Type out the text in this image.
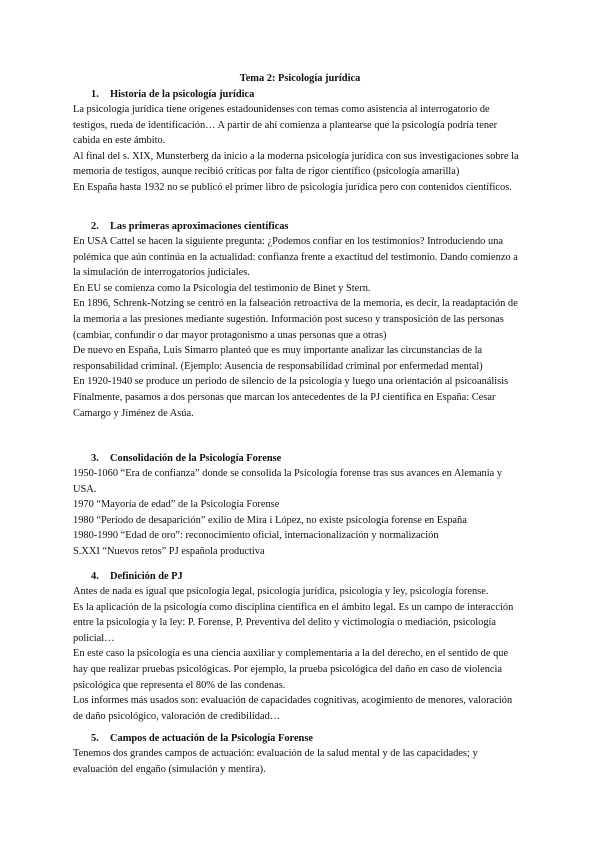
Tema 2: Psicología jurídica
1. Historia de la psicología jurídica

La psicología jurídica tiene orígenes estadounidenses con temas como asistencia al interrogatorio de testigos, rueda de identificación… A partir de ahí comienza a plantearse que la psicología podría tener cabida en este ámbito.

Al final del s. XIX, Munsterberg da inicio a la moderna psicología jurídica con sus investigaciones sobre la memoria de testigos, aunque recibió críticas por falta de rigor científico (psicología amarilla)

En España hasta 1932 no se publicó el primer libro de psicología jurídica pero con contenidos científicos.

2. Las primeras aproximaciones científicas

En USA Cattel se hacen la siguiente pregunta: ¿Podemos confiar en los testimonios? Introduciendo una polémica que aún continúa en la actualidad: confianza frente a exactitud del testimonio. Dando comienzo a la simulación de interrogatorios judiciales.

En EU se comienza como la Psicología del testimonio de Binet y Stern.

En 1896, Schrenk-Notzing se centró en la falseación retroactiva de la memoria, es decir, la readaptación de la memoria a las presiones mediante sugestión. Información post suceso y transposición de las personas (cambiar, confundir o dar mayor protagonismo a unas personas que a otras)

De nuevo en España, Luis Simarro planteó que es muy importante analizar las circunstancias de la responsabilidad criminal. (Ejemplo: Ausencia de responsabilidad criminal por enfermedad mental)

En 1920-1940 se produce un periodo de silencio de la psicología y luego una orientación al psicoanálisis

Finalmente, pasamos a dos personas que marcan los antecedentes de la PJ científica en España: Cesar Camargo y Jiménez de Asúa.

3. Consolidación de la Psicología Forense

1950-1060 “Era de confianza” donde se consolida la Psicología forense tras sus avances en Alemania y USA.

1970 “Mayoría de edad” de la Psicología Forense

1980 “Periodo de desaparición” exilio de Mira i López, no existe psicología forense en España

1980-1990 “Edad de oro”: reconocimiento oficial, internacionalización y normalización

S.XXI “Nuevos retos” PJ española productiva

4. Definición de PJ

Antes de nada es igual que psicología legal, psicología jurídica, psicología y ley, psicología forense.

Es la aplicación de la psicología como disciplina científica en el ámbito legal. Es un campo de interacción entre la psicología y la ley: P. Forense, P. Preventiva del delito y victimología o mediación, psicología policial…

En este caso la psicología es una ciencia auxiliar y complementaria a la del derecho, en el sentido de que hay que realizar pruebas psicológicas. Por ejemplo, la prueba psicológica del daño en caso de violencia psicológica que representa el 80% de las condenas.

Los informes más usados son: evaluación de capacidades cognitivas, acogimiento de menores, valoración de daño psicológico, valoración de credibilidad…

5. Campos de actuación de la Psicología Forense

Tenemos dos grandes campos de actuación: evaluación de la salud mental y de las capacidades; y evaluación del engaño (simulación y mentira).
